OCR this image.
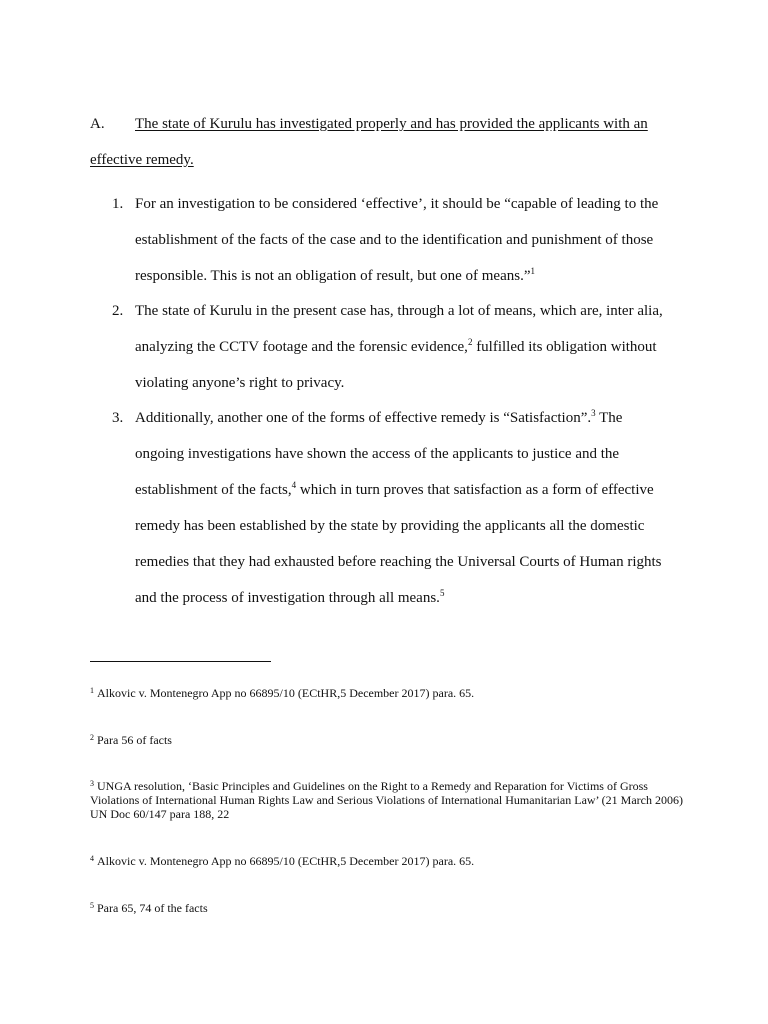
A. The state of Kurulu has investigated properly and has provided the applicants with an
effective remedy.
1. For an investigation to be considered ‘effective’, it should be “capable of leading to the
establishment of the facts of the case and to the identification and punishment of those
responsible. This is not an obligation of result, but one of means.”$^1$
2. The state of Kurulu in the present case has, through a lot of means, which are, inter alia,
analyzing the CCTV footage and the forensic evidence,$^2$ fulfilled its obligation without
violating anyone’s right to privacy.
3. Additionally, another one of the forms of effective remedy is “Satisfaction”.$^3$ The
ongoing investigations have shown the access of the applicants to justice and the
establishment of the facts,$^4$ which in turn proves that satisfaction as a form of effective
remedy has been established by the state by providing the applicants all the domestic
remedies that they had exhausted before reaching the Universal Courts of Human rights
and the process of investigation through all means.$^5$
$^1$ Alkovic v. Montenegro App no 66895/10 (ECtHR,5 December 2017) para. 65.
$^2$ Para 56 of facts
$^3$ UNGA resolution, ‘Basic Principles and Guidelines on the Right to a Remedy and Reparation for Victims of Gross Violations of International Human Rights Law and Serious Violations of International Humanitarian Law’ (21 March 2006) UN Doc 60/147 para 188, 22
$^4$ Alkovic v. Montenegro App no 66895/10 (ECtHR,5 December 2017) para. 65.
$^5$ Para 65, 74 of the facts
